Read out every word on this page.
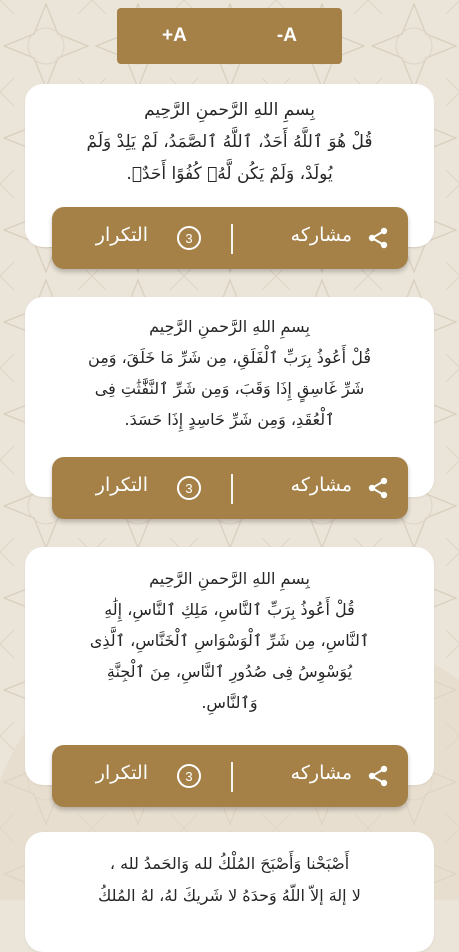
+A	-A
بِسمِ اللهِ الرَّحمنِ الرَّحِيم
قُلْ هُوَ ٱللَّهُ أَحَدٌ، ٱللَّهُ ٱلصَّمَدُ، لَمْ يَلِدْ وَلَمْ
يُولَدْ، وَلَمْ يَكُن لَّهُۥ كُفُوًا أَحَدٌۢ.
مشاركه
3
التكرار
بِسمِ اللهِ الرَّحمنِ الرَّحِيم
قُلْ أَعُوذُ بِرَبِّ ٱلْفَلَقِ، مِن شَرِّ مَا خَلَقَ، وَمِن
شَرِّ غَاسِقٍ إِذَا وَقَبَ، وَمِن شَرِّ ٱلنَّفَّٰثَٰتِ فِى
ٱلْعُقَدِ، وَمِن شَرِّ حَاسِدٍ إِذَا حَسَدَ.
مشاركه
3
التكرار
بِسمِ اللهِ الرَّحمنِ الرَّحِيم
قُلْ أَعُوذُ بِرَبِّ ٱلنَّاسِ، مَلِكِ ٱلنَّاسِ، إِلَٰهِ
ٱلنَّاسِ، مِن شَرِّ ٱلْوَسْوَاسِ ٱلْخَنَّاسِ، ٱلَّذِى
يُوَسْوِسُ فِى صُدُورِ ٱلنَّاسِ، مِنَ ٱلْجِنَّةِ
وَٱلنَّاسِ.
مشاركه
3
التكرار
أَصْبَحْنا وَأَصْبَحَ المُلْكُ لله وَالحَمدُ لله ،
لا إلهَ إلاّ اللّهُ وَحدَهُ لا شَريكَ لهُ، لهُ المُلكُ
